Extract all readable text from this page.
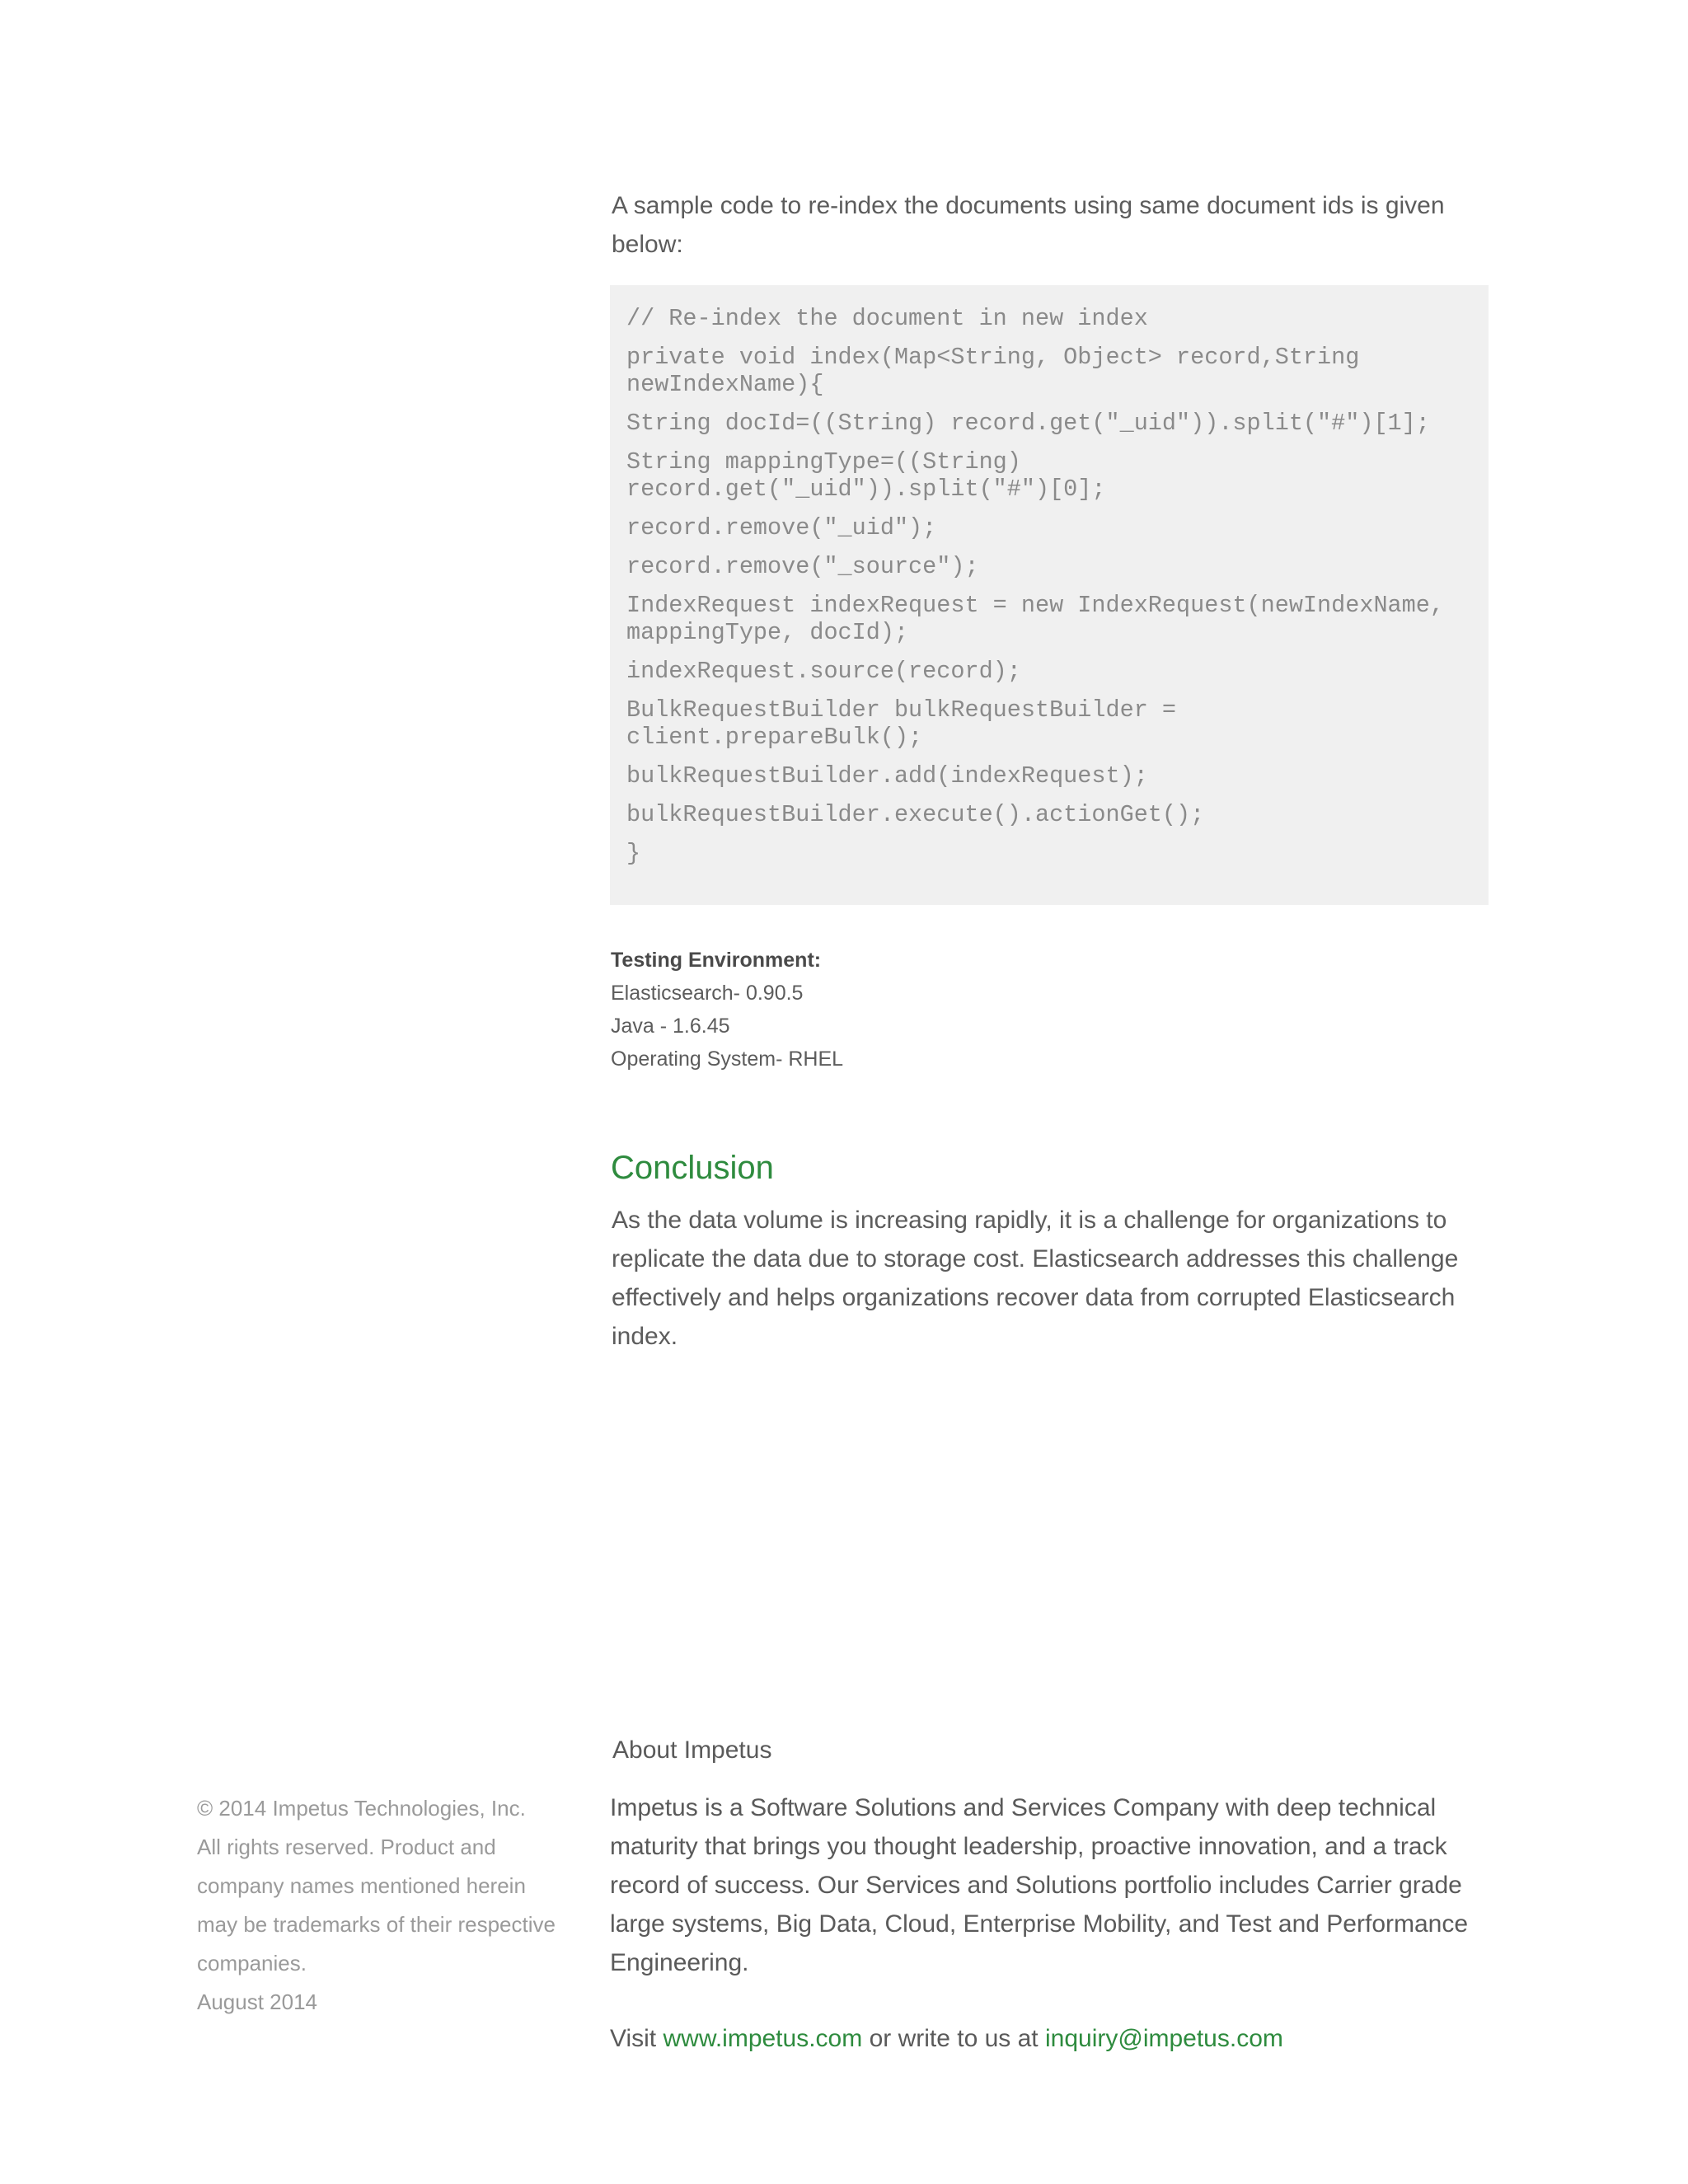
A sample code to re-index the documents using same document ids is given below:

// Re-index the document in new index
private void index(Map<String, Object> record,String
newIndexName){
String docId=((String) record.get("_uid")).split("#")[1];
String mappingType=((String)
record.get("_uid")).split("#")[0];
record.remove("_uid");
record.remove("_source");
IndexRequest indexRequest = new IndexRequest(newIndexName,
mappingType, docId);
indexRequest.source(record);
BulkRequestBuilder bulkRequestBuilder =
client.prepareBulk();
bulkRequestBuilder.add(indexRequest);
bulkRequestBuilder.execute().actionGet();
}
Testing Environment:
Elasticsearch- 0.90.5
Java - 1.6.45
Operating System- RHEL
Conclusion

As the data volume is increasing rapidly, it is a challenge for organizations to replicate the data due to storage cost. Elasticsearch addresses this challenge effectively and helps organizations recover data from corrupted Elasticsearch index.

© 2014 Impetus Technologies, Inc.

All rights reserved. Product and company names mentioned herein may be trademarks of their respective companies.

August 2014

About Impetus

Impetus is a Software Solutions and Services Company with deep technical maturity that brings you thought leadership, proactive innovation, and a track record of success. Our Services and Solutions portfolio includes Carrier grade large systems, Big Data, Cloud, Enterprise Mobility, and Test and Performance Engineering.

Visit www.impetus.com or write to us at inquiry@impetus.com
